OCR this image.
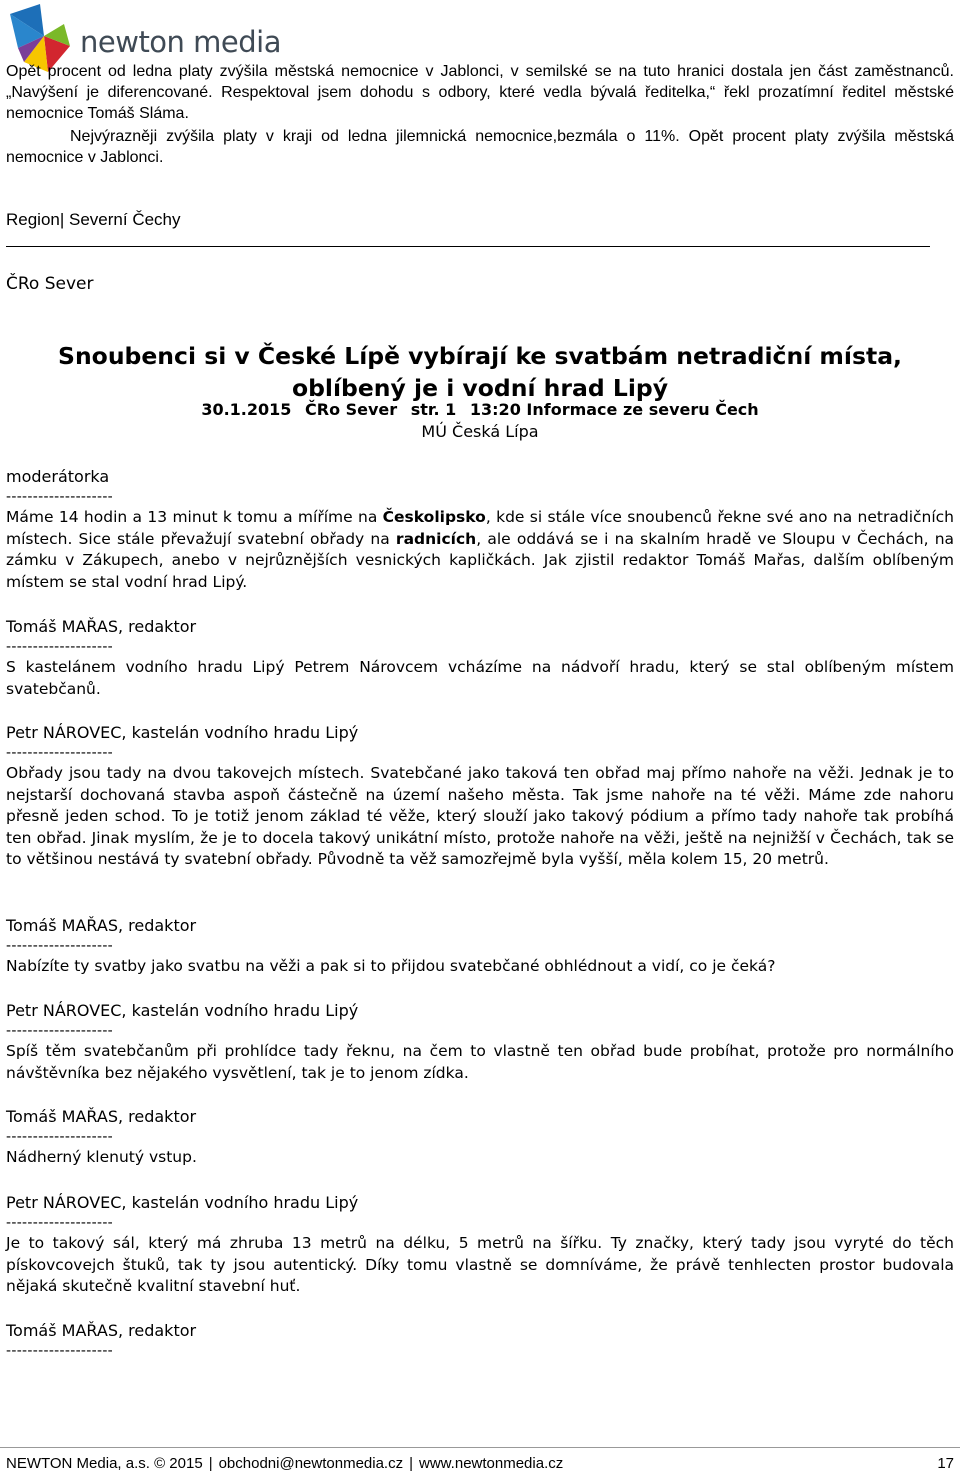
newton media
Opět procent od ledna platy zvýšila městská nemocnice v Jablonci, v semilské se na tuto hranici dostala jen část zaměstnanců. „Navýšení je diferencované. Respektoval jsem dohodu s odbory, které vedla bývalá ředitelka,“ řekl prozatímní ředitel městské nemocnice Tomáš Sláma.
Nejvýrazněji zvýšila platy v kraji od ledna jilemnická nemocnice,bezmála o 11%. Opět procent platy zvýšila městská nemocnice v Jablonci.
Region| Severní Čechy
ČRo Sever
Snoubenci si v České Lípě vybírají ke svatbám netradiční místa, oblíbený je i vodní hrad Lipý
30.1.2015 ČRo Sever str. 1 13:20 Informace ze severu Čech
MÚ Česká Lípa
moderátorka
--------------------
Máme 14 hodin a 13 minut k tomu a míříme na Českolipsko, kde si stále více snoubenců řekne své ano na netradičních místech. Sice stále převažují svatební obřady na radnicích, ale oddává se i na skalním hradě ve Sloupu v Čechách, na zámku v Zákupech, anebo v nejrůznějších vesnických kapličkách. Jak zjistil redaktor Tomáš Mařas, dalším oblíbeným místem se stal vodní hrad Lipý.
Tomáš MAŘAS, redaktor
--------------------
S kastelánem vodního hradu Lipý Petrem Nárovcem vcházíme na nádvoří hradu, který se stal oblíbeným místem svatebčanů.
Petr NÁROVEC, kastelán vodního hradu Lipý
--------------------
Obřady jsou tady na dvou takovejch místech. Svatebčané jako taková ten obřad maj přímo nahoře na věži. Jednak je to nejstarší dochovaná stavba aspoň částečně na území našeho města. Tak jsme nahoře na té věži. Máme zde nahoru přesně jeden schod. To je totiž jenom základ té věže, který slouží jako takový pódium a přímo tady nahoře tak probíhá ten obřad. Jinak myslím, že je to docela takový unikátní místo, protože nahoře na věži, ještě na nejnižší v Čechách, tak se to většinou nestává ty svatební obřady. Původně ta věž samozřejmě byla vyšší, měla kolem 15, 20 metrů.
Tomáš MAŘAS, redaktor
--------------------
Nabízíte ty svatby jako svatbu na věži a pak si to přijdou svatebčané obhlédnout a vidí, co je čeká?
Petr NÁROVEC, kastelán vodního hradu Lipý
--------------------
Spíš těm svatebčanům při prohlídce tady řeknu, na čem to vlastně ten obřad bude probíhat, protože pro normálního návštěvníka bez nějakého vysvětlení, tak je to jenom zídka.
Tomáš MAŘAS, redaktor
--------------------
Nádherný klenutý vstup.
Petr NÁROVEC, kastelán vodního hradu Lipý
--------------------
Je to takový sál, který má zhruba 13 metrů na délku, 5 metrů na šířku. Ty značky, který tady jsou vyryté do těch pískovcovejch štuků, tak ty jsou autentický. Díky tomu vlastně se domníváme, že právě tenhlecten prostor budovala nějaká skutečně kvalitní stavební huť.
Tomáš MAŘAS, redaktor
--------------------
NEWTON Media, a.s. © 2015 | obchodni@newtonmedia.cz | www.newtonmedia.cz	17
